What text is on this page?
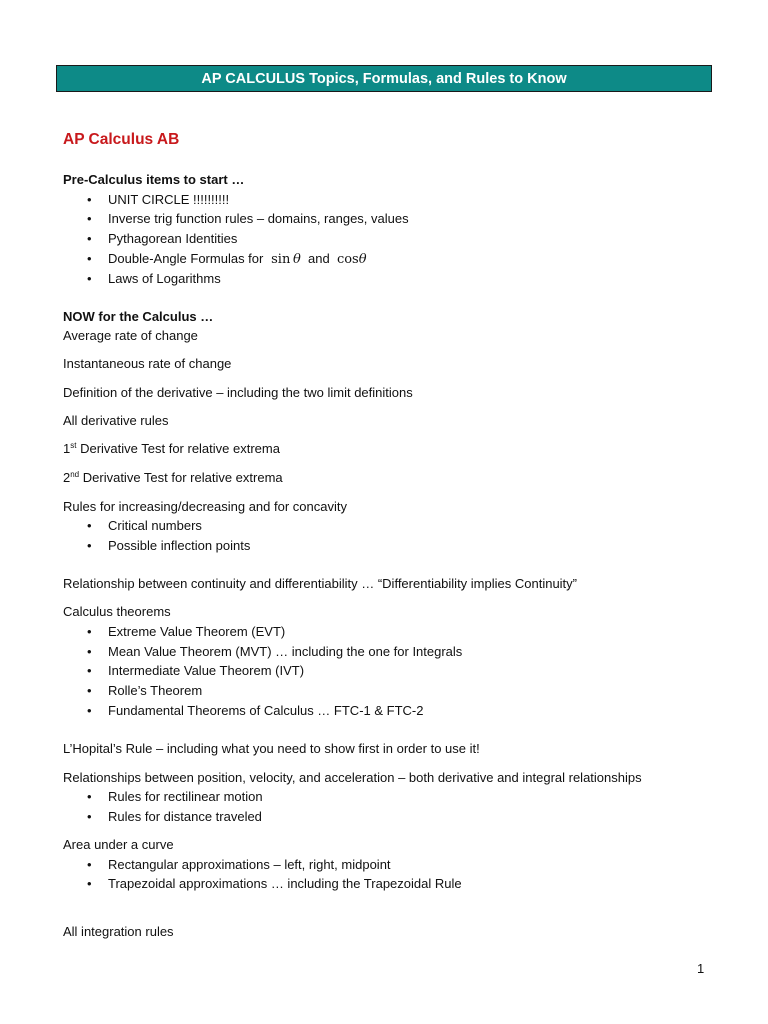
AP CALCULUS Topics, Formulas, and Rules to Know
AP Calculus AB
Pre-Calculus items to start …
UNIT CIRCLE !!!!!!!!!!
Inverse trig function rules – domains, ranges, values
Pythagorean Identities
Double-Angle Formulas for sin  θ and cosθ
Laws of Logarithms
NOW for the Calculus …
Average rate of change
Instantaneous rate of change
Definition of the derivative – including the two limit definitions
All derivative rules
1st Derivative Test for relative extrema
2nd Derivative Test for relative extrema
Rules for increasing/decreasing and for concavity
Critical numbers
Possible inflection points
Relationship between continuity and differentiability … “Differentiability implies Continuity”
Calculus theorems
Extreme Value Theorem (EVT)
Mean Value Theorem (MVT) … including the one for Integrals
Intermediate Value Theorem (IVT)
Rolle’s Theorem
Fundamental Theorems of Calculus … FTC-1 & FTC-2
L’Hopital’s Rule – including what you need to show first in order to use it!
Relationships between position, velocity, and acceleration – both derivative and integral relationships
Rules for rectilinear motion
Rules for distance traveled
Area under a curve
Rectangular approximations – left, right, midpoint
Trapezoidal approximations … including the Trapezoidal Rule
All integration rules
1
